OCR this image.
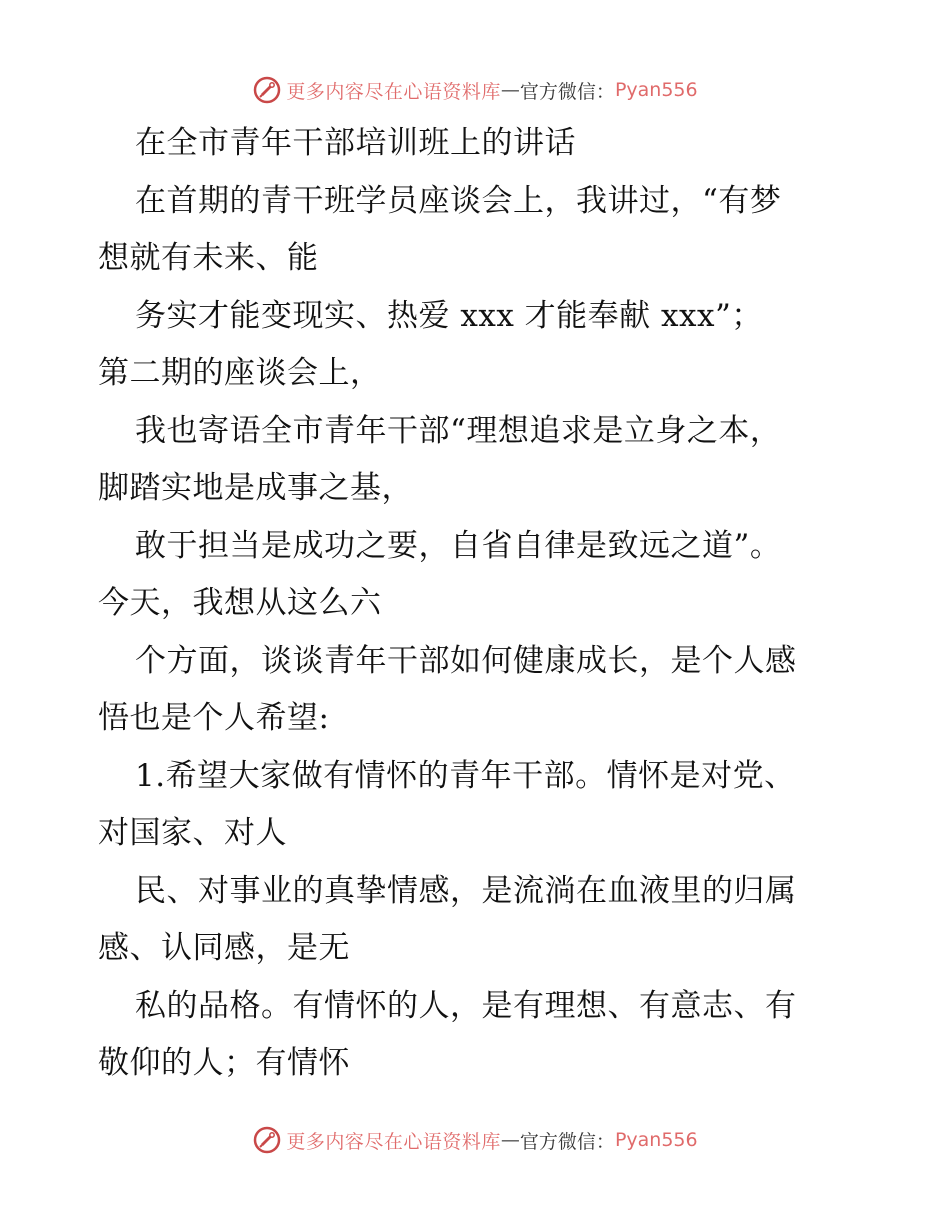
更多内容尽在心语资料库 — 官方微信： Pyan556
在全市青年干部培训班上的讲话
在首期的青干班学员座谈会上，我讲过，“有梦
想就有未来、能
务实才能变现实、热爱 xxx 才能奉献 xxx”；
第二期的座谈会上，
我也寄语全市青年干部“理想追求是立身之本，
脚踏实地是成事之基，
敢于担当是成功之要，自省自律是致远之道”。
今天，我想从这么六
个方面，谈谈青年干部如何健康成长，是个人感
悟也是个人希望:
1.希望大家做有情怀的青年干部。情怀是对党、
对国家、对人
民、对事业的真挚情感，是流淌在血液里的归属
感、认同感，是无
私的品格。有情怀的人，是有理想、有意志、有
敬仰的人；有情怀
更多内容尽在心语资料库 — 官方微信： Pyan556
